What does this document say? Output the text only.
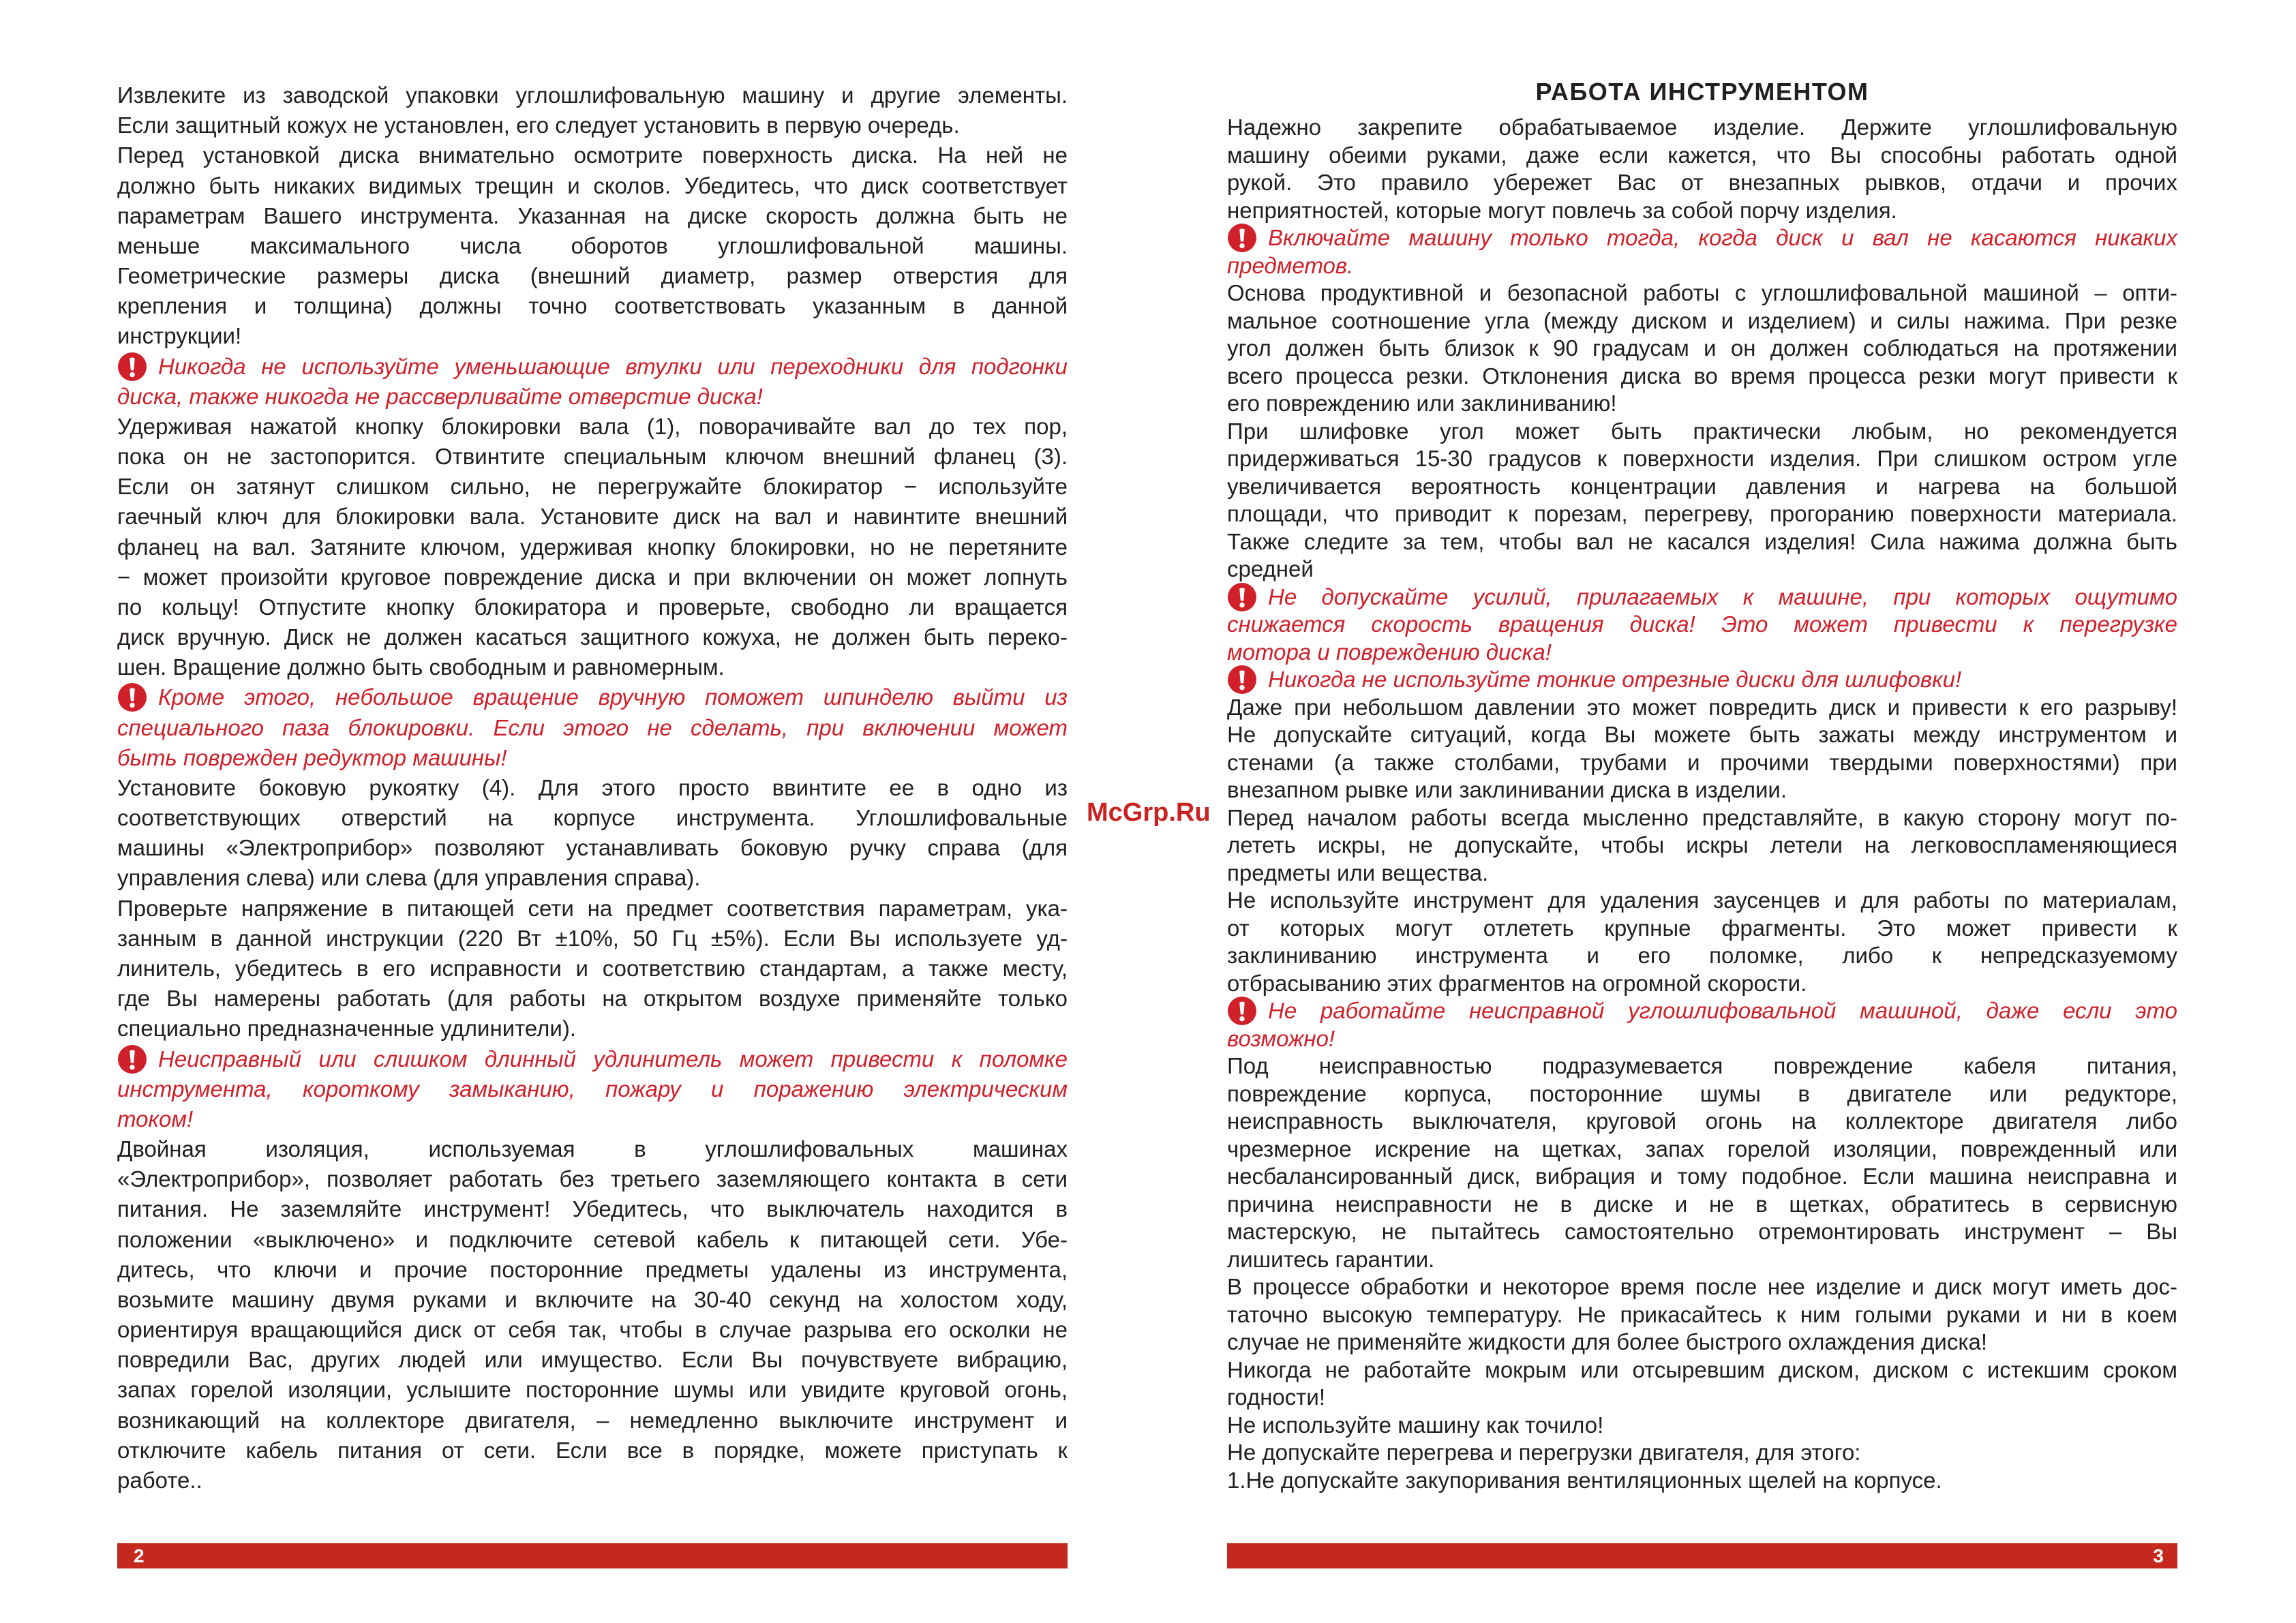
Извлеките из заводской упаковки углошлифовальную машину и другие элементы.
Если защитный кожух не установлен, его следует установить в первую очередь.
Перед установкой диска внимательно осмотрите поверхность диска. На ней не
должно быть никаких видимых трещин и сколов. Убедитесь, что диск соответствует
параметрам Вашего инструмента. Указанная на диске скорость должна быть не
меньше максимального числа оборотов углошлифовальной машины.
Геометрические размеры диска (внешний диаметр, размер отверстия для
крепления и толщина) должны точно соответствовать указанным в данной
инструкции!
Никогда не используйте уменьшающие втулки или переходники для подгонки
диска, также никогда не рассверливайте отверстие диска!
Удерживая нажатой кнопку блокировки вала (1), поворачивайте вал до тех пор,
пока он не застопорится. Отвинтите специальным ключом внешний фланец (3).
Если он затянут слишком сильно, не перегружайте блокиратор − используйте
гаечный ключ для блокировки вала. Установите диск на вал и навинтите внешний
фланец на вал. Затяните ключом, удерживая кнопку блокировки, но не перетяните
− может произойти круговое повреждение диска и при включении он может лопнуть
по кольцу! Отпустите кнопку блокиратора и проверьте, свободно ли вращается
диск вручную. Диск не должен касаться защитного кожуха, не должен быть переко-
шен. Вращение должно быть свободным и равномерным.
Кроме этого, небольшое вращение вручную поможет шпинделю выйти из
специального паза блокировки. Если этого не сделать, при включении может
быть поврежден редуктор машины!
Установите боковую рукоятку (4). Для этого просто ввинтите ее в одно из
соответствующих отверстий на корпусе инструмента. Углошлифовальные
машины «Электроприбор» позволяют устанавливать боковую ручку справа (для
управления слева) или слева (для управления справа).
Проверьте напряжение в питающей сети на предмет соответствия параметрам, ука-
занным в данной инструкции (220 Вт ±10%, 50 Гц ±5%). Если Вы используете уд-
линитель, убедитесь в его исправности и соответствию стандартам, а также месту,
где Вы намерены работать (для работы на открытом воздухе применяйте только
специально предназначенные удлинители).
Неисправный или слишком длинный удлинитель может привести к поломке
инструмента, короткому замыканию, пожару и поражению электрическим
током!
Двойная изоляция, используемая в углошлифовальных машинах
«Электроприбор», позволяет работать без третьего заземляющего контакта в сети
питания. Не заземляйте инструмент! Убедитесь, что выключатель находится в
положении «выключено» и подключите сетевой кабель к питающей сети. Убе-
дитесь, что ключи и прочие посторонние предметы удалены из инструмента,
возьмите машину двумя руками и включите на 30-40 секунд на холостом ходу,
ориентируя вращающийся диск от себя так, чтобы в случае разрыва его осколки не
повредили Вас, других людей или имущество. Если Вы почувствуете вибрацию,
запах горелой изоляции, услышите посторонние шумы или увидите круговой огонь,
возникающий на коллекторе двигателя, – немедленно выключите инструмент и
отключите кабель питания от сети. Если все в порядке, можете приступать к
работе..
McGrp.Ru
РАБОТА ИНСТРУМЕНТОМ
Надежно закрепите обрабатываемое изделие. Держите углошлифовальную
машину обеими руками, даже если кажется, что Вы способны работать одной
рукой. Это правило убережет Вас от внезапных рывков, отдачи и прочих
неприятностей, которые могут повлечь за собой порчу изделия.
Включайте машину только тогда, когда диск и вал не касаются никаких
предметов.
Основа продуктивной и безопасной работы с углошлифовальной машиной – опти-
мальное соотношение угла (между диском и изделием) и силы нажима. При резке
угол должен быть близок к 90 градусам и он должен соблюдаться на протяжении
всего процесса резки. Отклонения диска во время процесса резки могут привести к
его повреждению или заклиниванию!
При шлифовке угол может быть практически любым, но рекомендуется
придерживаться 15-30 градусов к поверхности изделия. При слишком остром угле
увеличивается вероятность концентрации давления и нагрева на большой
площади, что приводит к порезам, перегреву, прогоранию поверхности материала.
Также следите за тем, чтобы вал не касался изделия! Сила нажима должна быть
средней
Не допускайте усилий, прилагаемых к машине, при которых ощутимо
снижается скорость вращения диска! Это может привести к перегрузке
мотора и повреждению диска!
Никогда не используйте тонкие отрезные диски для шлифовки!
Даже при небольшом давлении это может повредить диск и привести к его разрыву!
Не допускайте ситуаций, когда Вы можете быть зажаты между инструментом и
стенами (а также столбами, трубами и прочими твердыми поверхностями) при
внезапном рывке или заклинивании диска в изделии.
Перед началом работы всегда мысленно представляйте, в какую сторону могут по-
лететь искры, не допускайте, чтобы искры летели на легковоспламеняющиеся
предметы или вещества.
Не используйте инструмент для удаления заусенцев и для работы по материалам,
от которых могут отлететь крупные фрагменты. Это может привести к
заклиниванию инструмента и его поломке, либо к непредсказуемому
отбрасыванию этих фрагментов на огромной скорости.
Не работайте неисправной углошлифовальной машиной, даже если это
возможно!
Под неисправностью подразумевается повреждение кабеля питания,
повреждение корпуса, посторонние шумы в двигателе или редукторе,
неисправность выключателя, круговой огонь на коллекторе двигателя либо
чрезмерное искрение на щетках, запах горелой изоляции, поврежденный или
несбалансированный диск, вибрация и тому подобное. Если машина неисправна и
причина неисправности не в диске и не в щетках, обратитесь в сервисную
мастерскую, не пытайтесь самостоятельно отремонтировать инструмент – Вы
лишитесь гарантии.
В процессе обработки и некоторое время после нее изделие и диск могут иметь дос-
таточно высокую температуру. Не прикасайтесь к ним голыми руками и ни в коем
случае не применяйте жидкости для более быстрого охлаждения диска!
Никогда не работайте мокрым или отсыревшим диском, диском с истекшим сроком
годности!
Не используйте машину как точило!
Не допускайте перегрева и перегрузки двигателя, для этого:
1.Не допускайте закупоривания вентиляционных щелей на корпусе.
2	3
